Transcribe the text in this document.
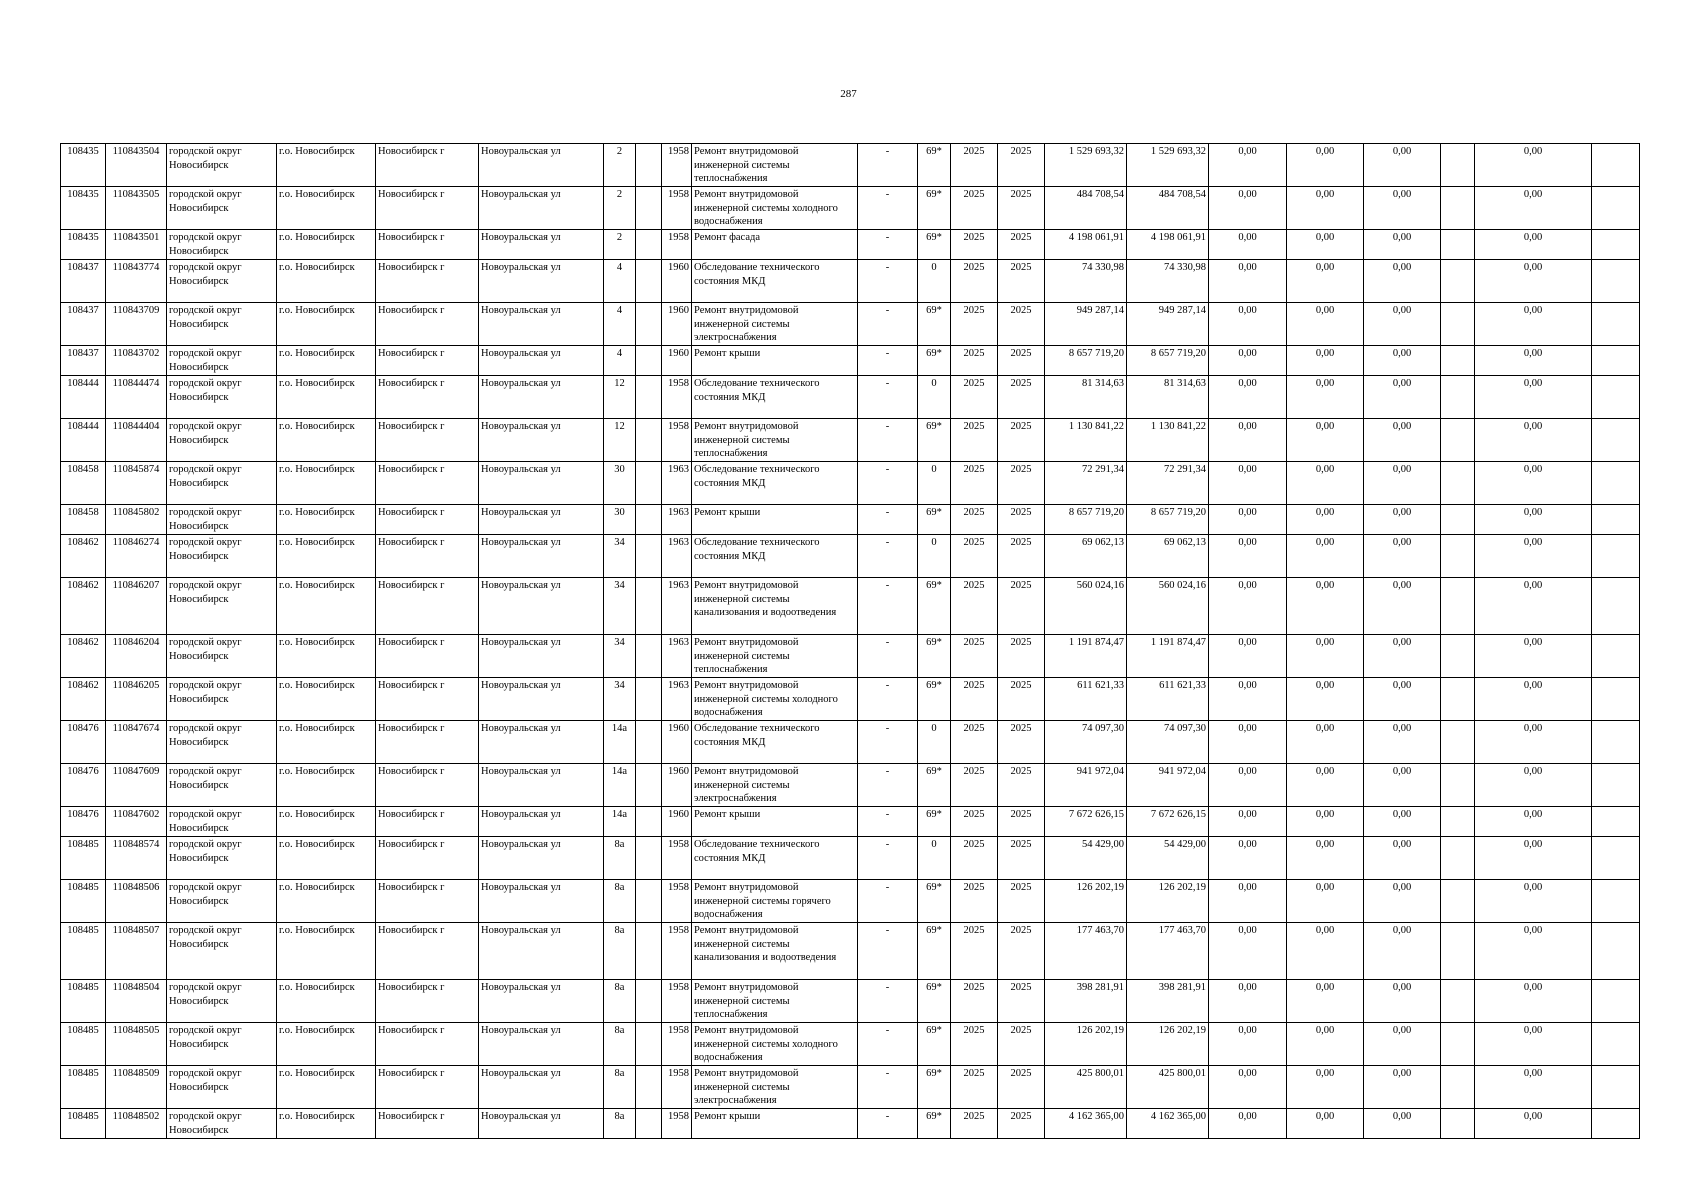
287
108435	110843504	городской округ Новосибирск	г.о. Новосибирск	Новосибирск г	Новоуральская ул	2		1958	Ремонт внутридомовой инженерной системы теплоснабжения	-	69*	2025	2025	1 529 693,32	1 529 693,32	0,00	0,00	0,00		0,00	
108435	110843505	городской округ Новосибирск	г.о. Новосибирск	Новосибирск г	Новоуральская ул	2		1958	Ремонт внутридомовой инженерной системы холодного водоснабжения	-	69*	2025	2025	484 708,54	484 708,54	0,00	0,00	0,00		0,00	
108435	110843501	городской округ Новосибирск	г.о. Новосибирск	Новосибирск г	Новоуральская ул	2		1958	Ремонт фасада	-	69*	2025	2025	4 198 061,91	4 198 061,91	0,00	0,00	0,00		0,00	
108437	110843774	городской округ Новосибирск	г.о. Новосибирск	Новосибирск г	Новоуральская ул	4		1960	Обследование технического состояния МКД	-	0	2025	2025	74 330,98	74 330,98	0,00	0,00	0,00		0,00	
108437	110843709	городской округ Новосибирск	г.о. Новосибирск	Новосибирск г	Новоуральская ул	4		1960	Ремонт внутридомовой инженерной системы электроснабжения	-	69*	2025	2025	949 287,14	949 287,14	0,00	0,00	0,00		0,00	
108437	110843702	городской округ Новосибирск	г.о. Новосибирск	Новосибирск г	Новоуральская ул	4		1960	Ремонт крыши	-	69*	2025	2025	8 657 719,20	8 657 719,20	0,00	0,00	0,00		0,00	
108444	110844474	городской округ Новосибирск	г.о. Новосибирск	Новосибирск г	Новоуральская ул	12		1958	Обследование технического состояния МКД	-	0	2025	2025	81 314,63	81 314,63	0,00	0,00	0,00		0,00	
108444	110844404	городской округ Новосибирск	г.о. Новосибирск	Новосибирск г	Новоуральская ул	12		1958	Ремонт внутридомовой инженерной системы теплоснабжения	-	69*	2025	2025	1 130 841,22	1 130 841,22	0,00	0,00	0,00		0,00	
108458	110845874	городской округ Новосибирск	г.о. Новосибирск	Новосибирск г	Новоуральская ул	30		1963	Обследование технического состояния МКД	-	0	2025	2025	72 291,34	72 291,34	0,00	0,00	0,00		0,00	
108458	110845802	городской округ Новосибирск	г.о. Новосибирск	Новосибирск г	Новоуральская ул	30		1963	Ремонт крыши	-	69*	2025	2025	8 657 719,20	8 657 719,20	0,00	0,00	0,00		0,00	
108462	110846274	городской округ Новосибирск	г.о. Новосибирск	Новосибирск г	Новоуральская ул	34		1963	Обследование технического состояния МКД	-	0	2025	2025	69 062,13	69 062,13	0,00	0,00	0,00		0,00	
108462	110846207	городской округ Новосибирск	г.о. Новосибирск	Новосибирск г	Новоуральская ул	34		1963	Ремонт внутридомовой инженерной системы канализования и водоотведения	-	69*	2025	2025	560 024,16	560 024,16	0,00	0,00	0,00		0,00	
108462	110846204	городской округ Новосибирск	г.о. Новосибирск	Новосибирск г	Новоуральская ул	34		1963	Ремонт внутридомовой инженерной системы теплоснабжения	-	69*	2025	2025	1 191 874,47	1 191 874,47	0,00	0,00	0,00		0,00	
108462	110846205	городской округ Новосибирск	г.о. Новосибирск	Новосибирск г	Новоуральская ул	34		1963	Ремонт внутридомовой инженерной системы холодного водоснабжения	-	69*	2025	2025	611 621,33	611 621,33	0,00	0,00	0,00		0,00	
108476	110847674	городской округ Новосибирск	г.о. Новосибирск	Новосибирск г	Новоуральская ул	14а		1960	Обследование технического состояния МКД	-	0	2025	2025	74 097,30	74 097,30	0,00	0,00	0,00		0,00	
108476	110847609	городской округ Новосибирск	г.о. Новосибирск	Новосибирск г	Новоуральская ул	14а		1960	Ремонт внутридомовой инженерной системы электроснабжения	-	69*	2025	2025	941 972,04	941 972,04	0,00	0,00	0,00		0,00	
108476	110847602	городской округ Новосибирск	г.о. Новосибирск	Новосибирск г	Новоуральская ул	14а		1960	Ремонт крыши	-	69*	2025	2025	7 672 626,15	7 672 626,15	0,00	0,00	0,00		0,00	
108485	110848574	городской округ Новосибирск	г.о. Новосибирск	Новосибирск г	Новоуральская ул	8а		1958	Обследование технического состояния МКД	-	0	2025	2025	54 429,00	54 429,00	0,00	0,00	0,00		0,00	
108485	110848506	городской округ Новосибирск	г.о. Новосибирск	Новосибирск г	Новоуральская ул	8а		1958	Ремонт внутридомовой инженерной системы горячего водоснабжения	-	69*	2025	2025	126 202,19	126 202,19	0,00	0,00	0,00		0,00	
108485	110848507	городской округ Новосибирск	г.о. Новосибирск	Новосибирск г	Новоуральская ул	8а		1958	Ремонт внутридомовой инженерной системы канализования и водоотведения	-	69*	2025	2025	177 463,70	177 463,70	0,00	0,00	0,00		0,00	
108485	110848504	городской округ Новосибирск	г.о. Новосибирск	Новосибирск г	Новоуральская ул	8а		1958	Ремонт внутридомовой инженерной системы теплоснабжения	-	69*	2025	2025	398 281,91	398 281,91	0,00	0,00	0,00		0,00	
108485	110848505	городской округ Новосибирск	г.о. Новосибирск	Новосибирск г	Новоуральская ул	8а		1958	Ремонт внутридомовой инженерной системы холодного водоснабжения	-	69*	2025	2025	126 202,19	126 202,19	0,00	0,00	0,00		0,00	
108485	110848509	городской округ Новосибирск	г.о. Новосибирск	Новосибирск г	Новоуральская ул	8а		1958	Ремонт внутридомовой инженерной системы электроснабжения	-	69*	2025	2025	425 800,01	425 800,01	0,00	0,00	0,00		0,00	
108485	110848502	городской округ Новосибирск	г.о. Новосибирск	Новосибирск г	Новоуральская ул	8а		1958	Ремонт крыши	-	69*	2025	2025	4 162 365,00	4 162 365,00	0,00	0,00	0,00		0,00	
